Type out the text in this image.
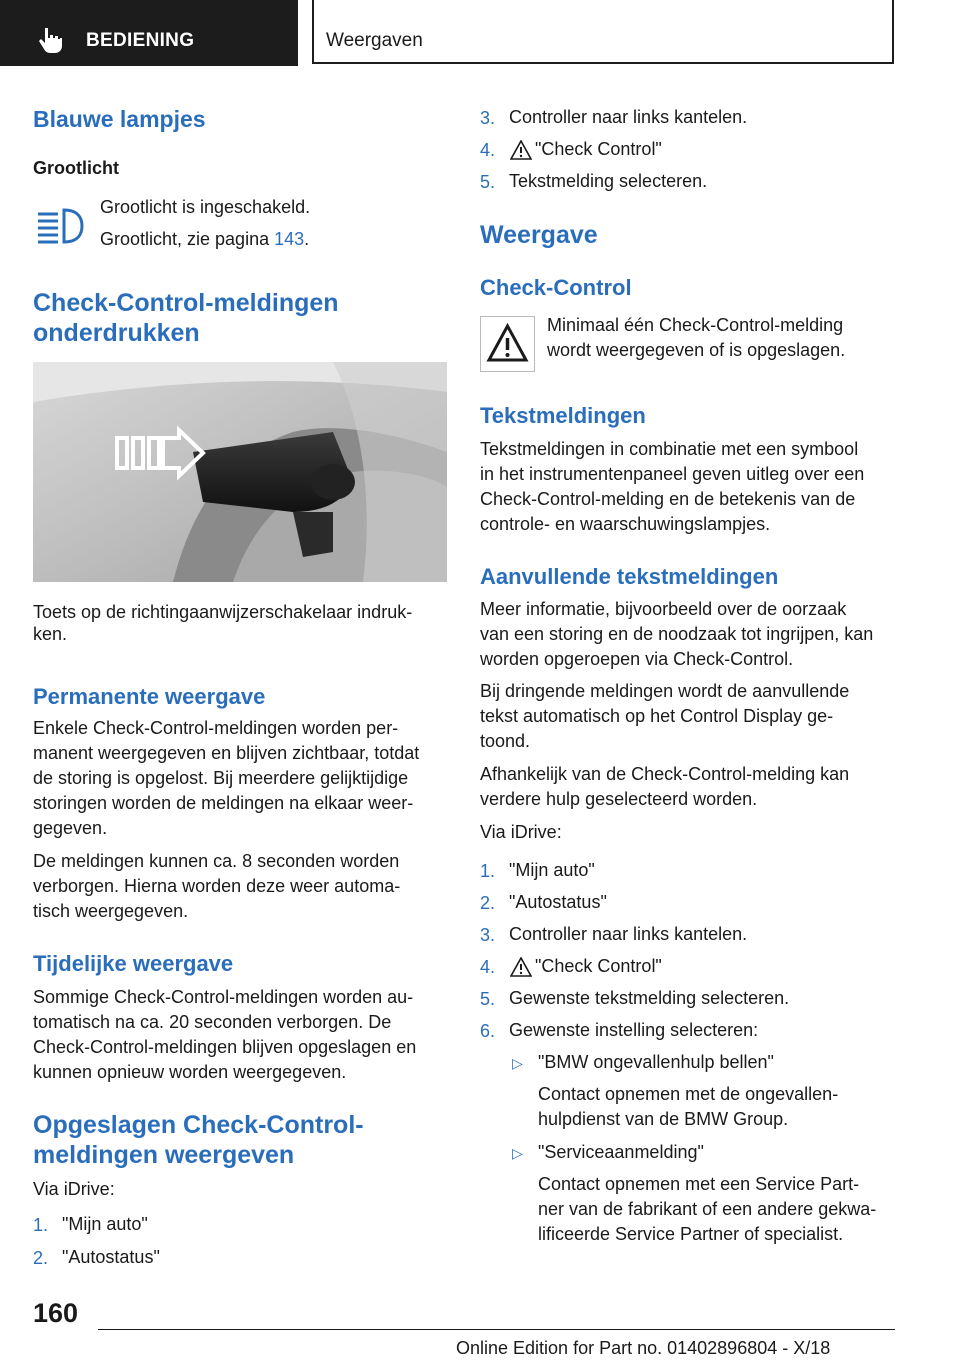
BEDIENING	Weergaven
Blauwe lampjes
Grootlicht
Grootlicht is ingeschakeld.
Grootlicht, zie pagina 143.
Check-Control-meldingen
onderdrukken
Toets op de richtingaanwijzerschakelaar indruk-
ken.
Permanente weergave
Enkele Check-Control-meldingen worden per-
manent weergegeven en blijven zichtbaar, totdat
de storing is opgelost. Bij meerdere gelijktijdige
storingen worden de meldingen na elkaar weer-
gegeven.
De meldingen kunnen ca. 8 seconden worden
verborgen. Hierna worden deze weer automa-
tisch weergegeven.
Tijdelijke weergave
Sommige Check-Control-meldingen worden au-
tomatisch na ca. 20 seconden verborgen. De
Check-Control-meldingen blijven opgeslagen en
kunnen opnieuw worden weergegeven.
Opgeslagen Check-Control-
meldingen weergeven
Via iDrive:
1. "Mijn auto"
2. "Autostatus"
3. Controller naar links kantelen.
4. "Check Control"
5. Tekstmelding selecteren.
Weergave
Check-Control
Minimaal één Check-Control-melding
wordt weergegeven of is opgeslagen.
Tekstmeldingen
Tekstmeldingen in combinatie met een symbool
in het instrumentenpaneel geven uitleg over een
Check-Control-melding en de betekenis van de
controle- en waarschuwingslampjes.
Aanvullende tekstmeldingen
Meer informatie, bijvoorbeeld over de oorzaak
van een storing en de noodzaak tot ingrijpen, kan
worden opgeroepen via Check-Control.
Bij dringende meldingen wordt de aanvullende
tekst automatisch op het Control Display ge-
toond.
Afhankelijk van de Check-Control-melding kan
verdere hulp geselecteerd worden.
Via iDrive:
1. "Mijn auto"
2. "Autostatus"
3. Controller naar links kantelen.
4. "Check Control"
5. Gewenste tekstmelding selecteren.
6. Gewenste instelling selecteren:
▷ "BMW ongevallenhulp bellen"
Contact opnemen met de ongevallen-
hulpdienst van de BMW Group.
▷ "Serviceaanmelding"
Contact opnemen met een Service Part-
ner van de fabrikant of een andere gekwa-
lificeerde Service Partner of specialist.
160
Online Edition for Part no. 01402896804 - X/18
